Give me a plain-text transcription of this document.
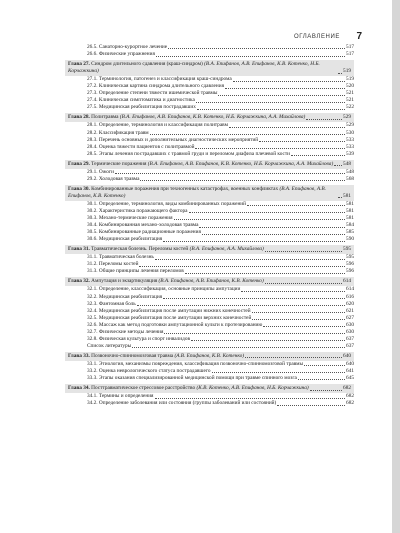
ОГЛАВЛЕНИЕ 7
26.5. Санаторно-курортное лечение	517
26.6. Физические упражнения	517
Глава 27. Синдром длительного сдавления (краш-синдром) (В.А. Епифанов, А.В. Епифанов, К.В. Котенко, Н.Б. Корчажкина)	519
27.1. Терминология, патогенез и классификация краш-синдрома	519
27.2. Клиническая картина синдрома длительного сдавления	520
27.3. Определение степени тяжести ишемической травмы	521
27.4. Клиническая симптоматика и диагностика	521
27.5. Медицинская реабилитация пострадавших	522
Глава 28. Политравма (В.А. Епифанов, А.В. Епифанов, К.В. Котенко, Н.Б. Корчажкина, А.А. Михайлова)	529
28.1. Определение, терминология и классификация политравм	529
28.2. Классификация травм	530
28.3. Перечень основных и дополнительных диагностических мероприятий	533
28.4. Оценка тяжести пациентов с политравмой	533
28.5. Этапы лечения пострадавших с травмой груди и переломом диафиза плечевой кости	539
Глава 29. Термические поражения (В.А. Епифанов, А.В. Епифанов, К.В. Котенко, Н.Б. Корчажкина, А.А. Михайлова) 548
29.1. Ожоги	548
29.2. Холодовая травма	568
Глава 30. Комбинированные поражения при техногенных катастрофах, военных конфликтах (В.А. Епифанов, А.В. Епифанов, К.В. Котенко)	581
30.1. Определение, терминология, виды комбинированных поражений	581
30.2. Характеристика поражающего фактора	581
30.3. Механо-термические поражения	581
30.4. Комбинированная механо-холодовая травма	584
30.5. Комбинированные радиационные поражения	585
30.6. Медицинская реабилитация	590
Глава 31. Травматическая болезнь. Переломы костей (В.А. Епифанов, А.А. Михайлова)	595
31.1. Травматическая болезнь	595
31.2. Переломы костей	596
31.3. Общие принципы лечения переломов	596
Глава 32. Ампутация и экзартикуляция (В.А. Епифанов, А.В. Епифанов, К.В. Котенко)	614
32.1. Определение, классификация, основные принципы ампутации	614
32.2. Медицинская реабилитация	616
32.3. Фантомная боль	620
32.4. Медицинская реабилитация после ампутации нижних конечностей	621
32.5. Медицинская реабилитация после ампутации верхних конечностей	627
32.6. Массаж как метод подготовки ампутационной культи к протезированию	630
32.7. Физические методы лечения	630
32.8. Физическая культура и спорт инвалидов	637
Список литературы	637
Глава 33. Позвоночно-спинномозговая травма (А.В. Епифанов, К.В. Котенко)	640
33.1. Этиология, механизмы повреждения, классификация позвоночно-спинномозговой травмы	640
33.2. Оценка неврологического статуса пострадавшего	641
33.3. Этапы оказания специализированной медицинской помощи при травме спинного мозга	645
Глава 34. Посттравматическое стрессовое расстройство (К.В. Котенко, А.В. Епифанов, Н.Б. Корчажкина)	682
34.1. Термины и определения	682
34.2. Определение заболевания или состояния (группы заболеваний или состояний)	682
